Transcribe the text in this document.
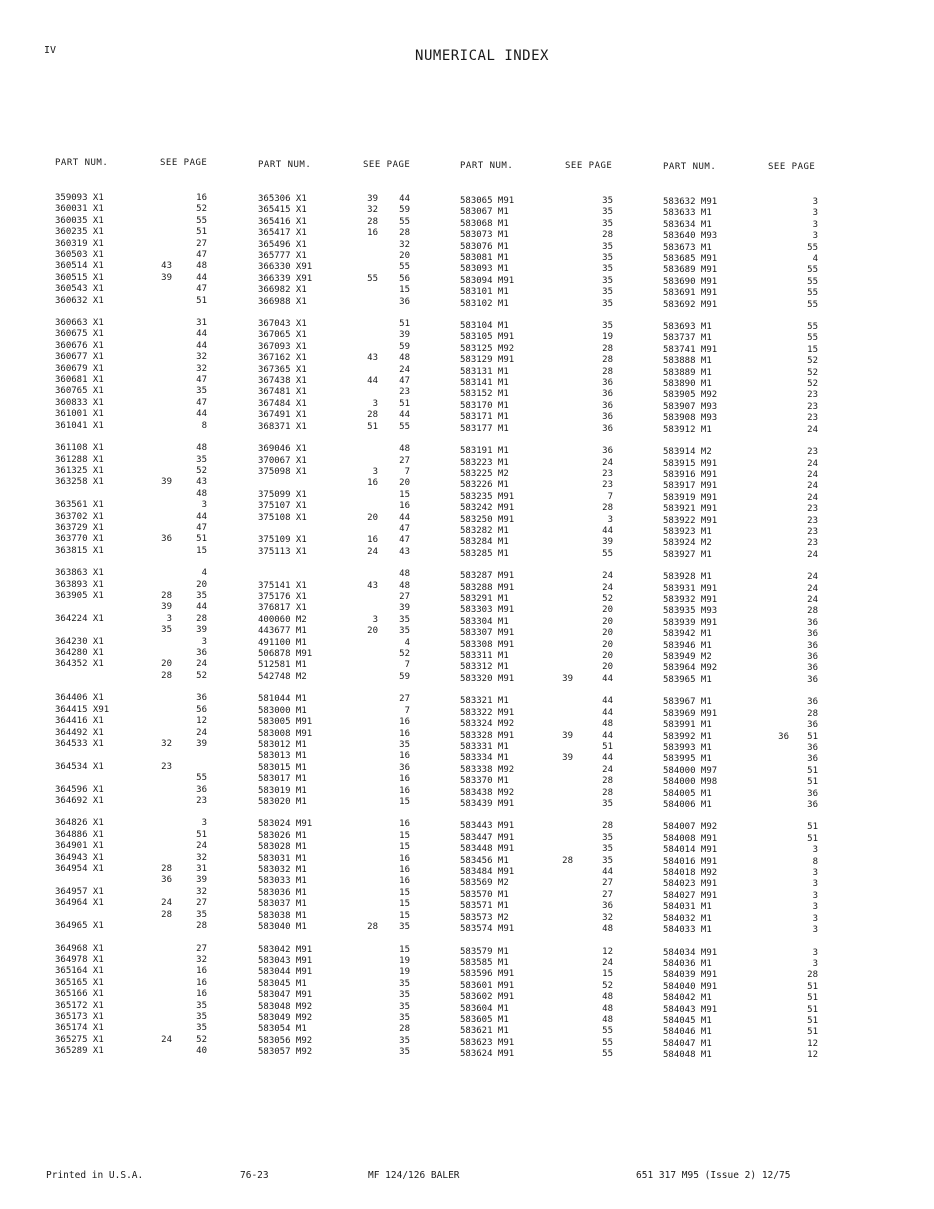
IV	NUMERICAL INDEX
PART NUM.	SEE PAGE	PART NUM.	SEE PAGE	PART NUM.	SEE PAGE	PART NUM.	SEE PAGE
359093 X1	16
360031 X1	52
360035 X1	55
360235 X1	51
360319 X1	27
360503 X1	47
360514 X1	43	48
360515 X1	39	44
360543 X1	47
360632 X1	51
360663 X1	31
360675 X1	44
360676 X1	44
360677 X1	32
360679 X1	32
360681 X1	47
360765 X1	35
360833 X1	47
361001 X1	44
361041 X1	8
361108 X1	48
361288 X1	35
361325 X1	52
363258 X1	39	43
48
363561 X1	3
363702 X1	44
363729 X1	47
363770 X1	36	51
363815 X1	15
363863 X1	4
363893 X1	20
363905 X1	28	35
39	44
364224 X1	3	28
35	39
364230 X1	3
364280 X1	36
364352 X1	20	24
28	52
364406 X1	36
364415 X91	56
364416 X1	12
364492 X1	24
364533 X1	32	39
364534 X1	23
55
364596 X1	36
364692 X1	23
364826 X1	3
364886 X1	51
364901 X1	24
364943 X1	32
364954 X1	28	31
36	39
364957 X1	32
364964 X1	24	27
28	35
364965 X1	28
364968 X1	27
364978 X1	32
365164 X1	16
365165 X1	16
365166 X1	16
365172 X1	35
365173 X1	35
365174 X1	35
365275 X1	24	52
365289 X1	40
365306 X1	39 44
365415 X1	32 59
365416 X1	28 55
365417 X1	16 28
365496 X1	32
365777 X1	20
366330 X91	55
366339 X91	55 56
366982 X1	15
366988 X1	36
367043 X1	51
367065 X1	39
367093 X1	59
367162 X1	43 48
367365 X1	24
367438 X1	44 47
367481 X1	23
367484 X1	3 51
367491 X1	28 44
368371 X1	51 55
369046 X1	48
370067 X1	27
375098 X1	3	7
16 20
375099 X1	15
375107 X1	16
375108 X1	20 44
47
375109 X1	16 47
375113 X1	24 43
48
375141 X1	43 48
375176 X1	27
376817 X1	39
400060 M2	3 35
443677 M1	20 35
491100 M1	4
506878 M91	52
512581 M1	7
542748 M2	59
581044 M1	27
583000 M1	7
583005 M91	16
583008 M91	16
583012 M1	35
583013 M1	16
583015 M1	36
583017 M1	16
583019 M1	16
583020 M1	15
583024 M91	16
583026 M1	15
583028 M1	15
583031 M1	16
583032 M1	16
583033 M1	16
583036 M1	15
583037 M1	15
583038 M1	15
583040 M1	28 35
583042 M91	15
583043 M91	19
583044 M91	19
583045 M1	35
583047 M91	35
583048 M92	35
583049 M92	35
583054 M1	28
583056 M92	35
583057 M92	35
583065 M91	35
583067 M1	35
583068 M1	35
583073 M1	28
583076 M1	35
583081 M1	35
583093 M1	35
583094 M91	35
583101 M1	35
583102 M1	35
583104 M1	35
583105 M91	19
583125 M92	28
583129 M91	28
583131 M1	28
583141 M1	36
583152 M1	36
583170 M1	36
583171 M1	36
583177 M1	36
583191 M1	36
583223 M1	24
583225 M2	23
583226 M1	23
583235 M91	7
583242 M91	28
583250 M91	3
583282 M1	44
583284 M1	39
583285 M1	55
583287 M91	24
583288 M91	24
583291 M1	52
583303 M91	20
583304 M1	20
583307 M91	20
583308 M91	20
583311 M1	20
583312 M1	20
583320 M91	39	44
583321 M1	44
583322 M91	44
583324 M92	48
583328 M91	39	44
583331 M1	51
583334 M1	39	44
583338 M92	24
583370 M1	28
583438 M92	28
583439 M91	35
583443 M91	28
583447 M91	35
583448 M91	35
583456 M1	28	35
583484 M91	44
583569 M2	27
583570 M1	27
583571 M1	36
583573 M2	32
583574 M91	48
583579 M1	12
583585 M1	24
583596 M91	15
583601 M91	52
583602 M91	48
583604 M1	48
583605 M1	48
583621 M1	55
583623 M91	55
583624 M91	55
583632 M91	3
583633 M1	3
583634 M1	3
583640 M93	3
583673 M1	55
583685 M91	4
583689 M91	55
583690 M91	55
583691 M91	55
583692 M91	55
583693 M1	55
583737 M1	55
583741 M91	15
583888 M1	52
583889 M1	52
583890 M1	52
583905 M92	23
583907 M93	23
583908 M93	23
583912 M1	24
583914 M2	23
583915 M91	24
583916 M91	24
583917 M91	24
583919 M91	24
583921 M91	23
583922 M91	23
583923 M1	23
583924 M2	23
583927 M1	24
583928 M1	24
583931 M91	24
583932 M91	24
583935 M93	28
583939 M91	36
583942 M1	36
583946 M1	36
583949 M2	36
583964 M92	36
583965 M1	36
583967 M1	36
583969 M91	28
583991 M1	36
583992 M1	36 51
583993 M1	36
583995 M1	36
584000 M97	51
584000 M98	51
584005 M1	36
584006 M1	36
584007 M92	51
584008 M91	51
584014 M91	3
584016 M91	8
584018 M92	3
584023 M91	3
584027 M91	3
584031 M1	3
584032 M1	3
584033 M1	3
584034 M91	3
584036 M1	3
584039 M91	28
584040 M91	51
584042 M1	51
584043 M91	51
584045 M1	51
584046 M1	51
584047 M1	12
584048 M1	12
Printed in U.S.A.	76-23	MF 124/126 BALER	651 317 M95 (Issue 2) 12/75
